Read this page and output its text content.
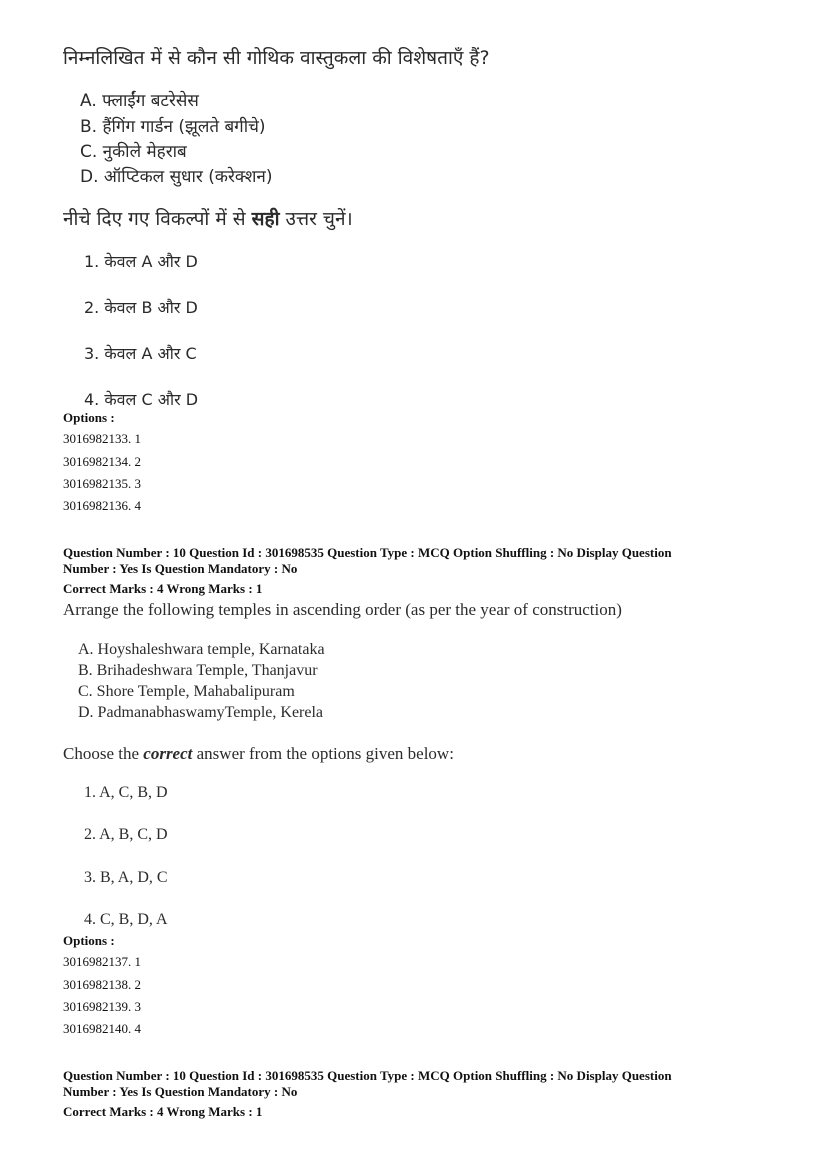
निम्नलिखित में से कौन सी गोथिक वास्तुकला की विशेषताएँ हैं?
A. फ्लाईंग बटरेसेस
B. हैंगिंग गार्डन (झूलते बगीचे)
C. नुकीले मेहराब
D. ऑप्टिकल सुधार (करेक्शन)
नीचे दिए गए विकल्पों में से सही उत्तर चुनें।
1. केवल A और D
2. केवल B और D
3. केवल A और C
4. केवल C और D
Options :
3016982133. 1
3016982134. 2
3016982135. 3
3016982136. 4
Question Number : 10 Question Id : 301698535 Question Type : MCQ Option Shuffling : No Display Question
Number : Yes Is Question Mandatory : No
Correct Marks : 4 Wrong Marks : 1
Arrange the following temples in ascending order (as per the year of construction)
A. Hoyshaleshwara temple, Karnataka
B. Brihadeshwara Temple, Thanjavur
C. Shore Temple, Mahabalipuram
D. PadmanabhaswamyTemple, Kerela
Choose the correct answer from the options given below:
1. A, C, B, D
2. A, B, C, D
3. B, A, D, C
4. C, B, D, A
Options :
3016982137. 1
3016982138. 2
3016982139. 3
3016982140. 4
Question Number : 10 Question Id : 301698535 Question Type : MCQ Option Shuffling : No Display Question
Number : Yes Is Question Mandatory : No
Correct Marks : 4 Wrong Marks : 1
